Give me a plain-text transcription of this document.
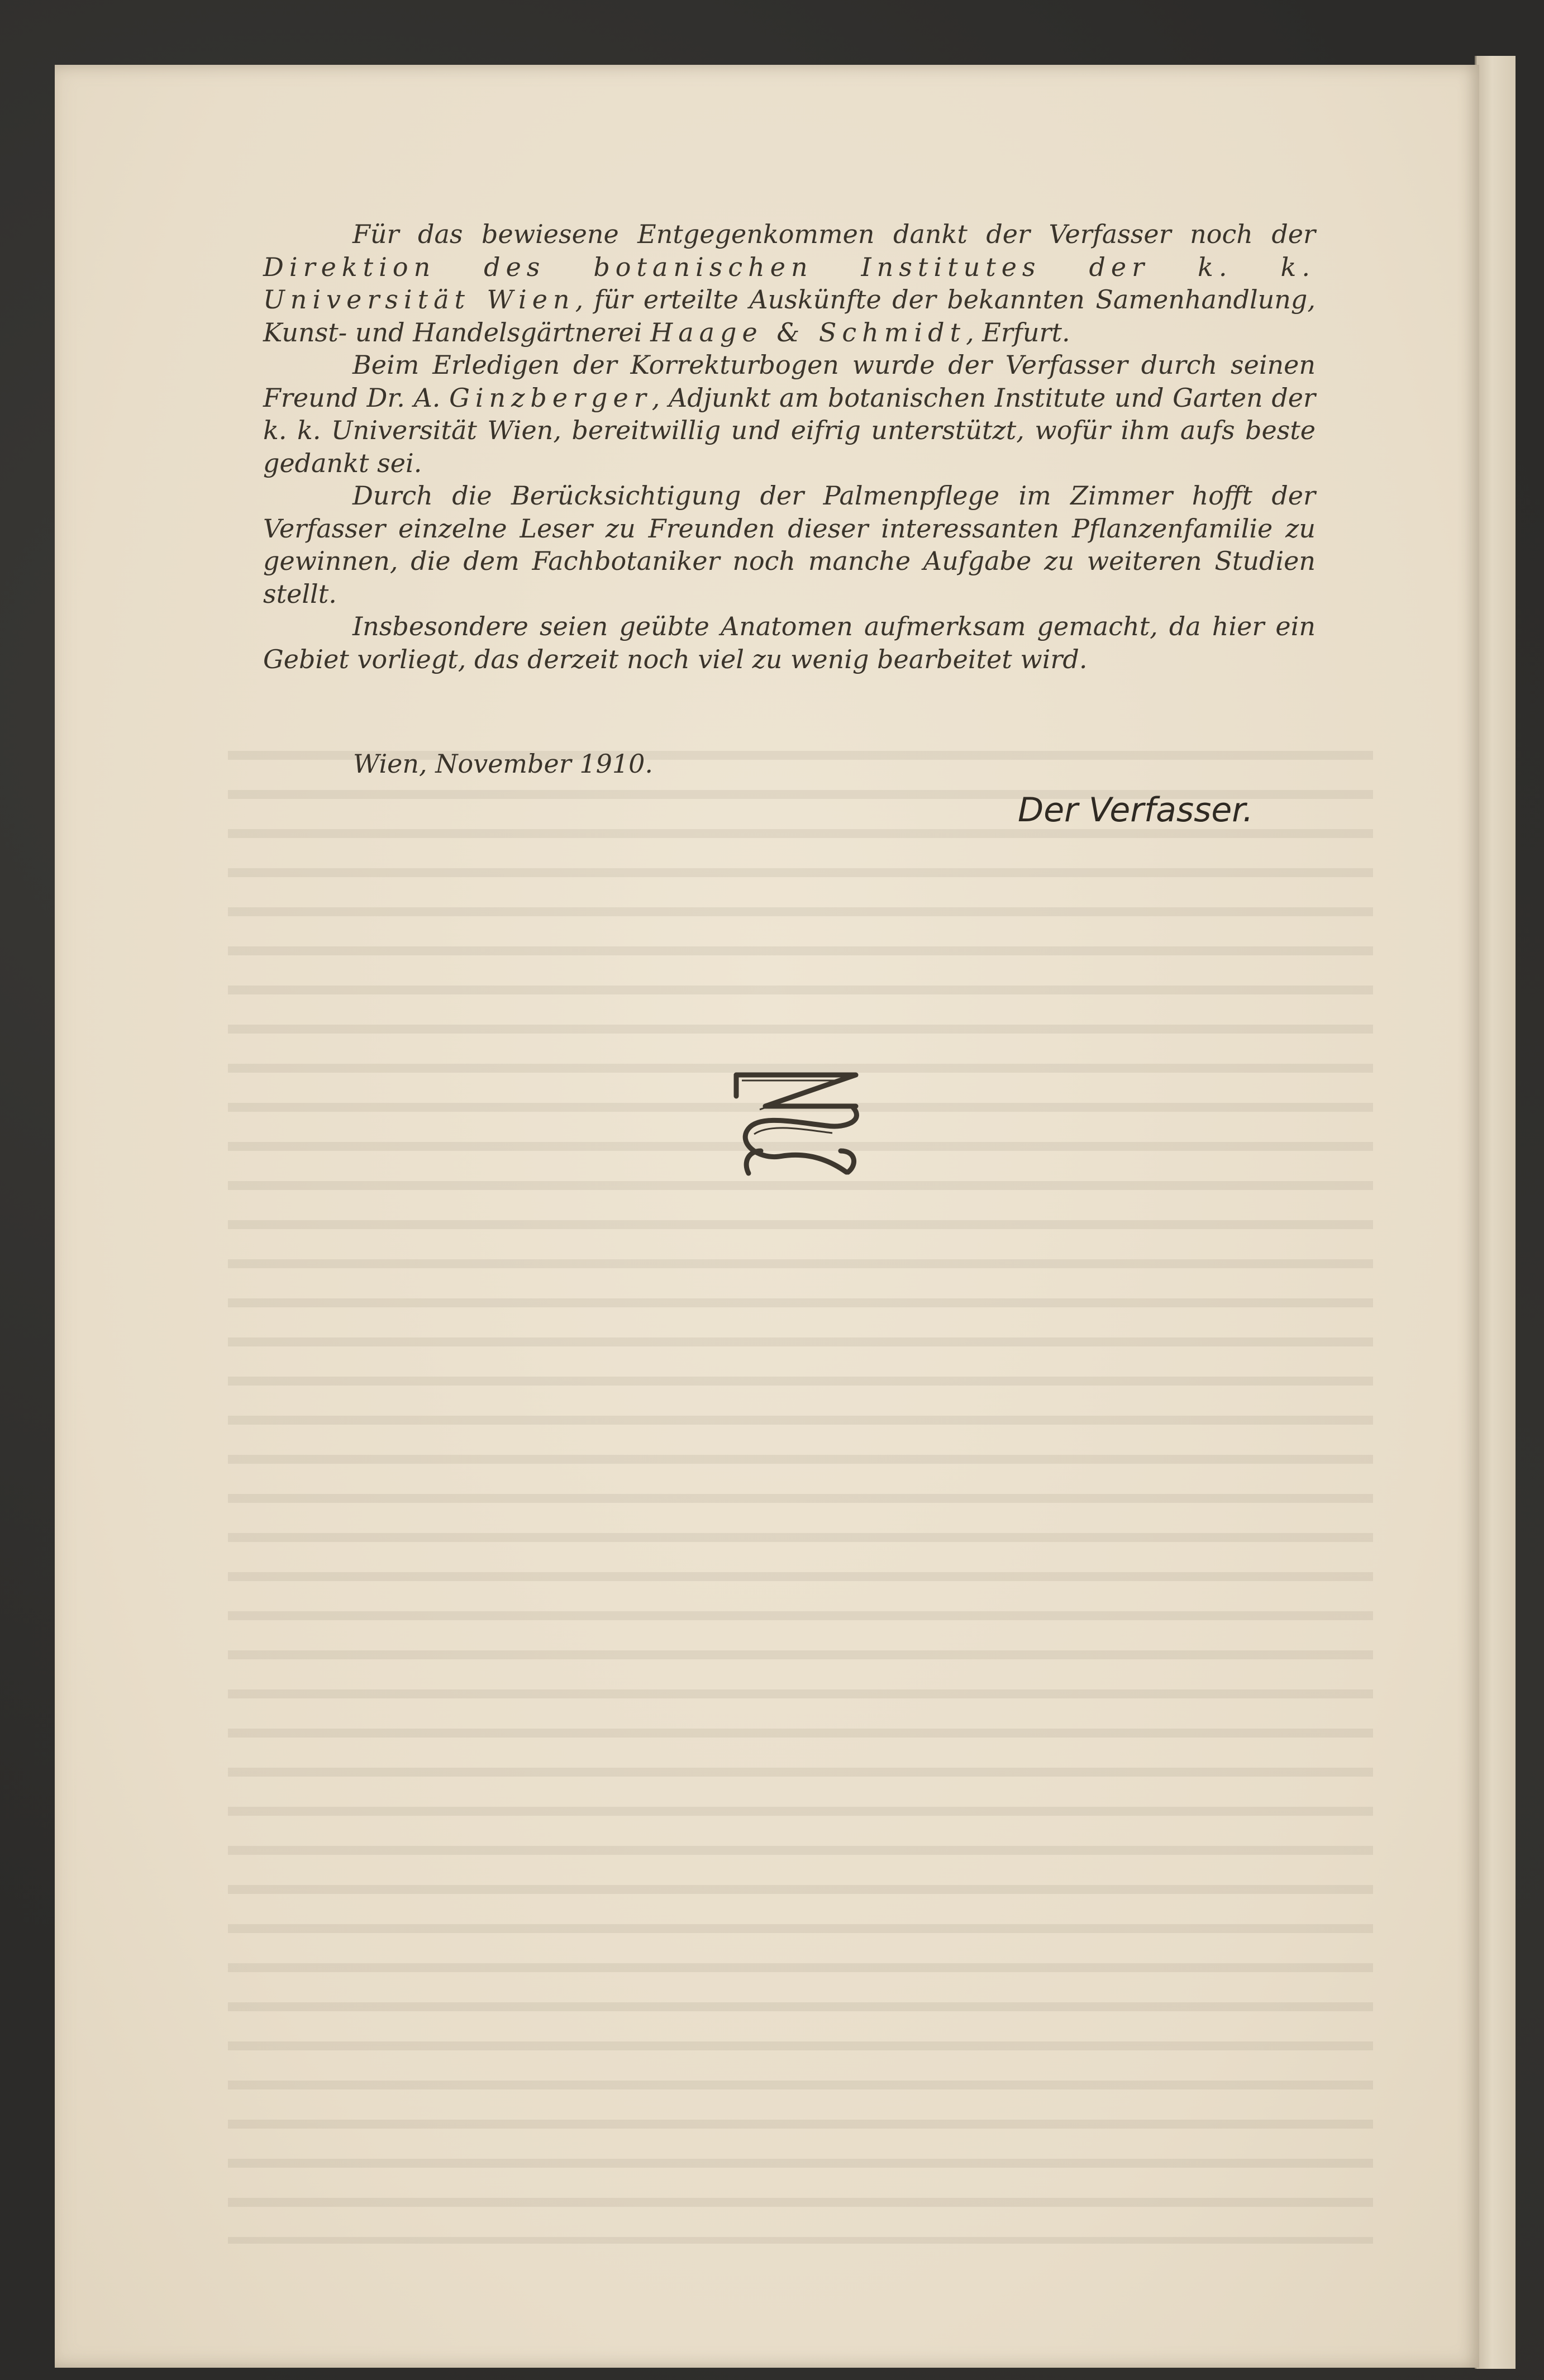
Für das bewiesene Entgegenkommen dankt der Verfasser noch der Direktion des botanischen Institutes der k. k. Universität Wien, für erteilte Auskünfte der bekannten Samenhandlung, Kunst- und Handelsgärtnerei Haage & Schmidt, Erfurt.

Beim Erledigen der Korrekturbogen wurde der Verfasser durch seinen Freund Dr. A. Ginzberger, Adjunkt am botanischen Institute und Garten der k. k. Universität Wien, bereitwillig und eifrig unterstützt, wofür ihm aufs beste gedankt sei.

Durch die Berücksichtigung der Palmenpflege im Zimmer hofft der Verfasser einzelne Leser zu Freunden dieser interessanten Pflanzenfamilie zu gewinnen, die dem Fachbotaniker noch manche Aufgabe zu weiteren Studien stellt.

Insbesondere seien geübte Anatomen aufmerksam gemacht, da hier ein Gebiet vorliegt, das derzeit noch viel zu wenig bearbeitet wird.

Wien, November 1910.
Der Verfasser.
